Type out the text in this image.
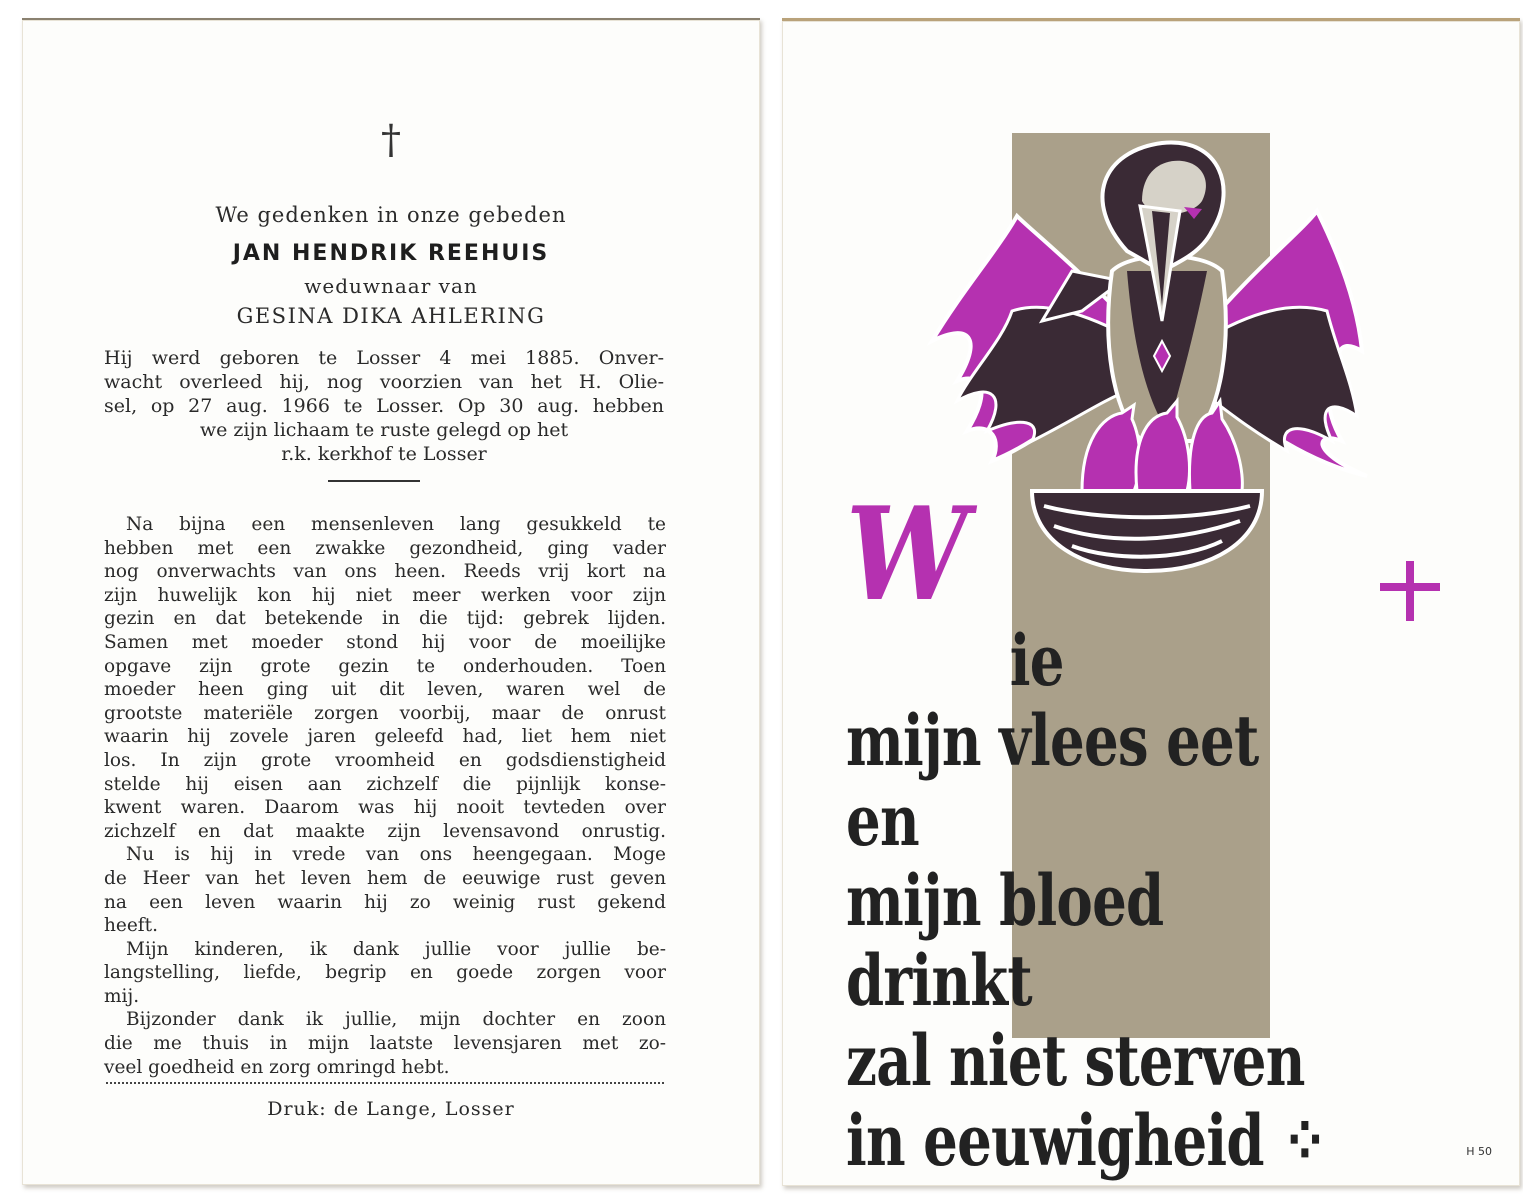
†
We gedenken in onze gebeden
JAN HENDRIK REEHUIS
weduwnaar van
GESINA DIKA AHLERING
Hij werd geboren te Losser 4 mei 1885. Onver-
wacht overleed hij, nog voorzien van het H. Olie-
sel, op 27 aug. 1966 te Losser. Op 30 aug. hebben
we zijn lichaam te ruste gelegd op het
r.k. kerkhof te Losser
Na bijna een mensenleven lang gesukkeld te
hebben met een zwakke gezondheid, ging vader
nog onverwachts van ons heen. Reeds vrij kort na
zijn huwelijk kon hij niet meer werken voor zijn
gezin en dat betekende in die tijd: gebrek lijden.
Samen met moeder stond hij voor de moeilijke
opgave zijn grote gezin te onderhouden. Toen
moeder heen ging uit dit leven, waren wel de
grootste materiële zorgen voorbij, maar de onrust
waarin hij zovele jaren geleefd had, liet hem niet
los. In zijn grote vroomheid en godsdienstigheid
stelde hij eisen aan zichzelf die pijnlijk konse-
kwent waren. Daarom was hij nooit tevteden over
zichzelf en dat maakte zijn levensavond onrustig.
Nu is hij in vrede van ons heengegaan. Moge
de Heer van het leven hem de eeuwige rust geven
na een leven waarin hij zo weinig rust gekend
heeft.
Mijn kinderen, ik dank jullie voor jullie be-
langstelling, liefde, begrip en goede zorgen voor
mij.
Bijzonder dank ik jullie, mijn dochter en zoon
die me thuis in mijn laatste levensjaren met zo-
veel goedheid en zorg omringd hebt.
Druk: de Lange, Losser
W
ie
mijn vlees eet en
mijn bloed drinkt
zal niet sterven
in eeuwigheid ⁘	H 50
